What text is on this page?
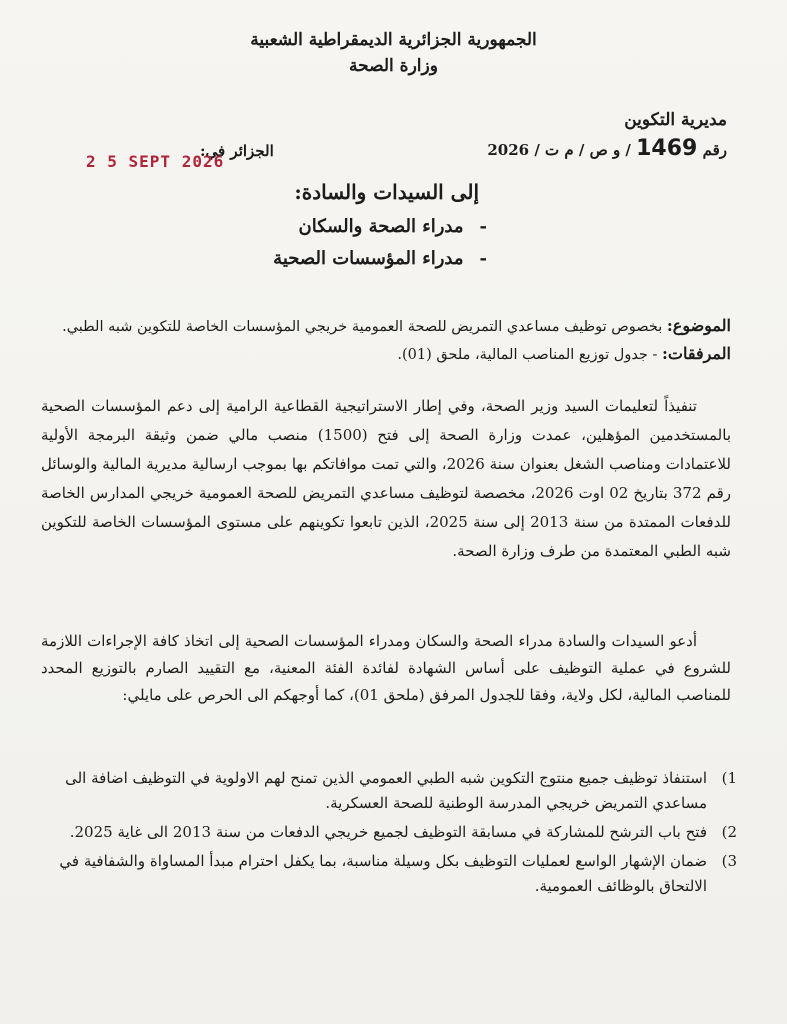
الجمهورية الجزائرية الديمقراطية الشعبية
وزارة الصحة
مديرية التكوين
رقم 1469 / و ص / م ت / 2026
الجزائر في:
2 5 SEPT 2026
إلى السيدات والسادة:
-مدراء الصحة والسكان
-مدراء المؤسسات الصحية
الموضوع: بخصوص توظيف مساعدي التمريض للصحة العمومية خريجي المؤسسات الخاصة للتكوين شبه الطبي.
المرفقات: - جدول توزيع المناصب المالية، ملحق (01).

تنفيذاً لتعليمات السيد وزير الصحة، وفي إطار الاستراتيجية القطاعية الرامية إلى دعم المؤسسات الصحية بالمستخدمين المؤهلين، عمدت وزارة الصحة إلى فتح (1500) منصب مالي ضمن وثيقة البرمجة الأولية للاعتمادات ومناصب الشغل بعنوان سنة 2026، والتي تمت موافاتكم بها بموجب ارسالية مديرية المالية والوسائل رقم 372 بتاريخ 02 اوت 2026، مخصصة لتوظيف مساعدي التمريض للصحة العمومية خريجي المدارس الخاصة للدفعات الممتدة من سنة 2013 إلى سنة 2025، الذين تابعوا تكوينهم على مستوى المؤسسات الخاصة للتكوين شبه الطبي المعتمدة من طرف وزارة الصحة.

أدعو السيدات والسادة مدراء الصحة والسكان ومدراء المؤسسات الصحية إلى اتخاذ كافة الإجراءات اللازمة للشروع في عملية التوظيف على أساس الشهادة لفائدة الفئة المعنية، مع التقييد الصارم بالتوزيع المحدد للمناصب المالية، لكل ولاية، وفقا للجدول المرفق (ملحق 01)، كما أوجهكم الى الحرص على مايلي:

1)
استنفاذ توظيف جميع منتوج التكوين شبه الطبي العمومي الذين تمنح لهم الاولوية في التوظيف اضافة الى مساعدي التمريض خريجي المدرسة الوطنية للصحة العسكرية.
2)
فتح باب الترشح للمشاركة في مسابقة التوظيف لجميع خريجي الدفعات من سنة 2013 الى غاية 2025.
3)
ضمان الإشهار الواسع لعمليات التوظيف بكل وسيلة مناسبة، بما يكفل احترام مبدأ المساواة والشفافية في الالتحاق بالوظائف العمومية.
